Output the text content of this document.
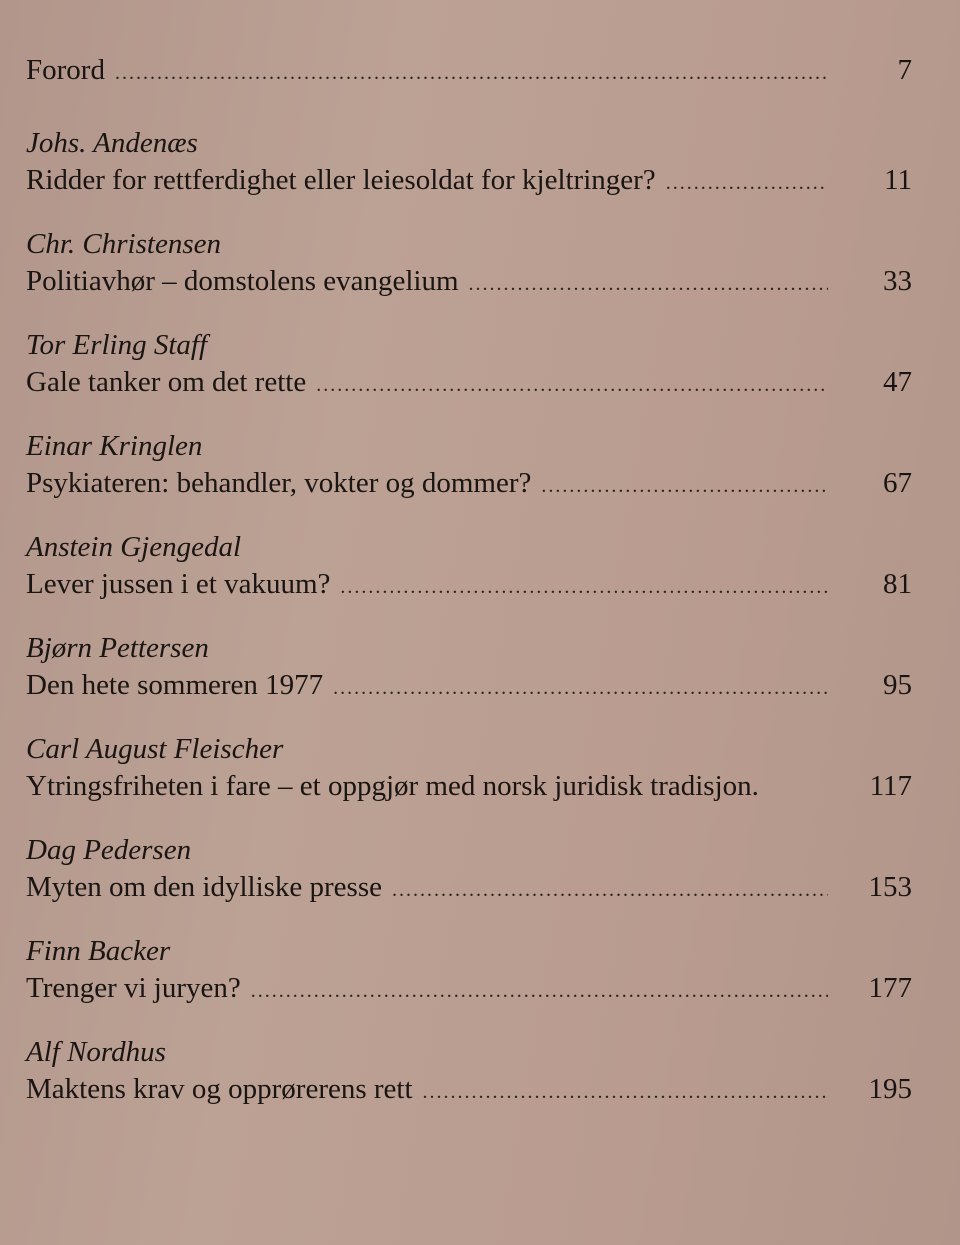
Forord .....	7
Johs. Andenæs
Ridder for rettferdighet eller leiesoldat for kjeltringer? .....	11
Chr. Christensen
Politiavhør – domstolens evangelium .....	33
Tor Erling Staff
Gale tanker om det rette .....	47
Einar Kringlen
Psykiateren: behandler, vokter og dommer? .....	67
Anstein Gjengedal
Lever jussen i et vakuum? .....	81
Bjørn Pettersen
Den hete sommeren 1977 .....	95
Carl August Fleischer
Ytringsfriheten i fare – et oppgjør med norsk juridisk tradisjon.	117
Dag Pedersen
Myten om den idylliske presse .....	153
Finn Backer
Trenger vi juryen? .....	177
Alf Nordhus
Maktens krav og opprørerens rett .....	195
